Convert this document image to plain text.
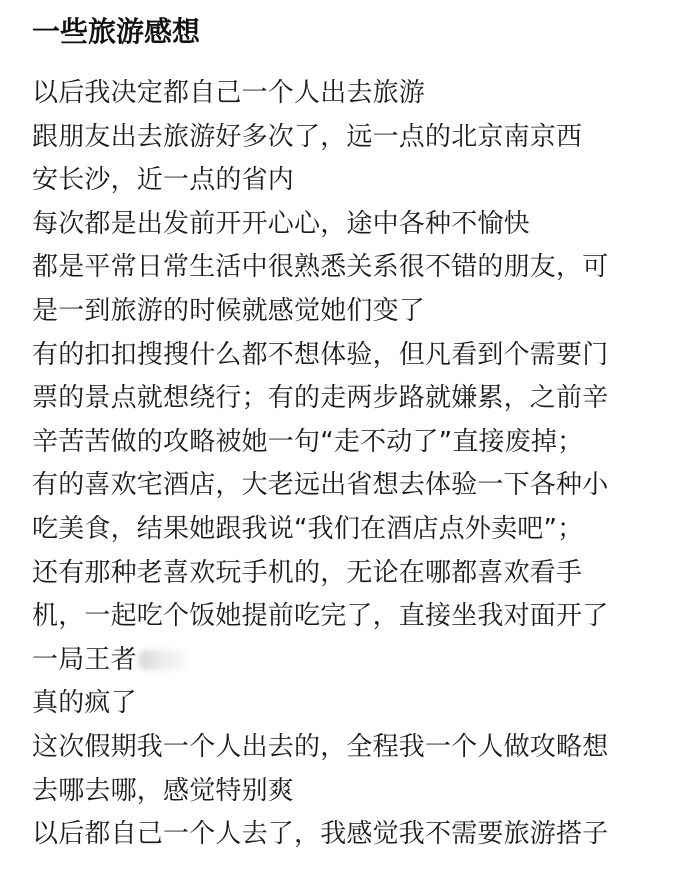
一些旅游感想
以后我决定都自己一个人出去旅游
跟朋友出去旅游好多次了，远一点的北京南京西
安长沙，近一点的省内
每次都是出发前开开心心，途中各种不愉快
都是平常日常生活中很熟悉关系很不错的朋友，可
是一到旅游的时候就感觉她们变了
有的扣扣搜搜什么都不想体验，但凡看到个需要门
票的景点就想绕行；有的走两步路就嫌累，之前辛
辛苦苦做的攻略被她一句“走不动了”直接废掉；
有的喜欢宅酒店，大老远出省想去体验一下各种小
吃美食，结果她跟我说“我们在酒店点外卖吧”；
还有那种老喜欢玩手机的，无论在哪都喜欢看手
机，一起吃个饭她提前吃完了，直接坐我对面开了
一局王者
真的疯了
这次假期我一个人出去的，全程我一个人做攻略想
去哪去哪，感觉特别爽
以后都自己一个人去了，我感觉我不需要旅游搭子
